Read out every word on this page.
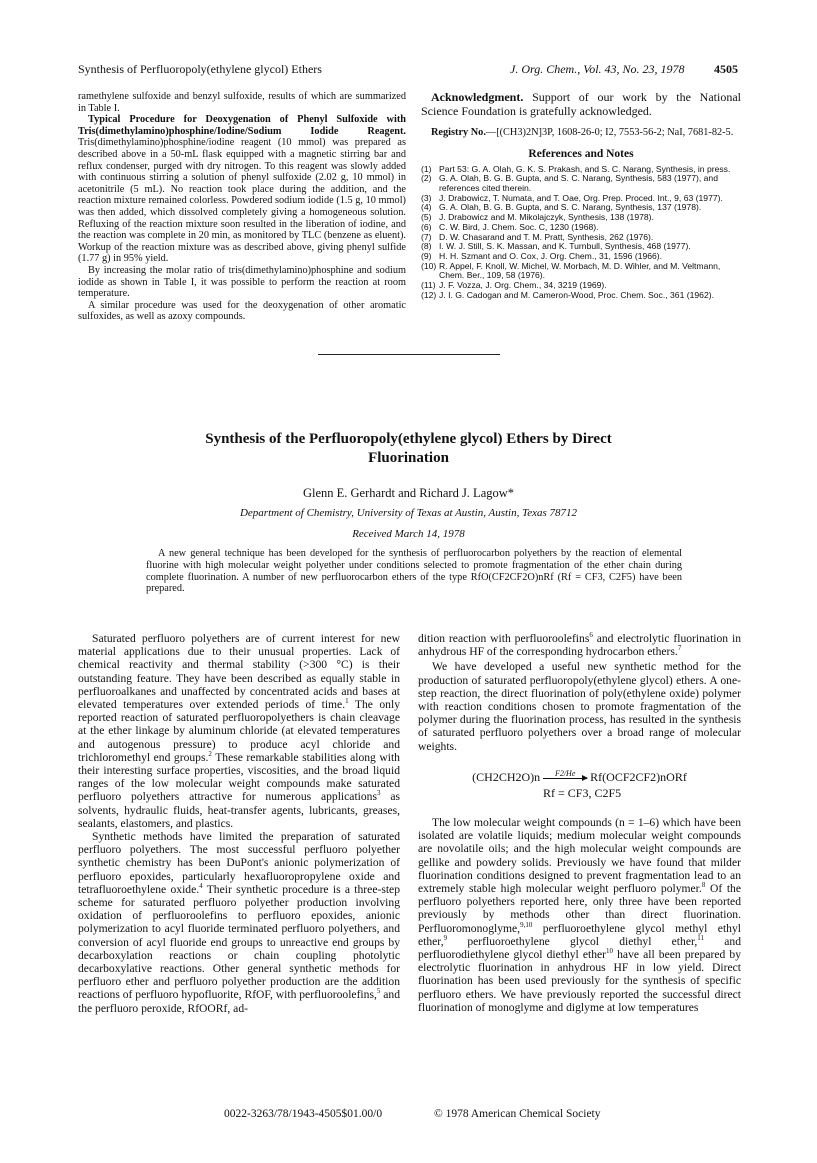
Synthesis of Perfluoropoly(ethylene glycol) Ethers	J. Org. Chem., Vol. 43, No. 23, 1978 4505

ramethylene sulfoxide and benzyl sulfoxide, results of which are summarized in Table I.

Typical Procedure for Deoxygenation of Phenyl Sulfoxide with Tris(dimethylamino)phosphine/Iodine/Sodium Iodide Reagent. Tris(dimethylamino)phosphine/iodine reagent (10 mmol) was prepared as described above in a 50-mL flask equipped with a magnetic stirring bar and reflux condenser, purged with dry nitrogen. To this reagent was slowly added with continuous stirring a solution of phenyl sulfoxide (2.02 g, 10 mmol) in acetonitrile (5 mL). No reaction took place during the addition, and the reaction mixture remained colorless. Powdered sodium iodide (1.5 g, 10 mmol) was then added, which dissolved completely giving a homogeneous solution. Refluxing of the reaction mixture soon resulted in the liberation of iodine, and the reaction was complete in 20 min, as monitored by TLC (benzene as eluent). Workup of the reaction mixture was as described above, giving phenyl sulfide (1.77 g) in 95% yield.

By increasing the molar ratio of tris(dimethylamino)phosphine and sodium iodide as shown in Table I, it was possible to perform the reaction at room temperature.

A similar procedure was used for the deoxygenation of other aromatic sulfoxides, as well as azoxy compounds.

Acknowledgment. Support of our work by the National Science Foundation is gratefully acknowledged.
Registry No.—[(CH3)2N]3P, 1608-26-0; I2, 7553-56-2; NaI, 7681-82-5.
References and Notes
(1) Part 53: G. A. Olah, G. K. S. Prakash, and S. C. Narang, Synthesis, in press.
(2) G. A. Olah, B. G. B. Gupta, and S. C. Narang, Synthesis, 583 (1977), and references cited therein.
(3) J. Drabowicz, T. Numata, and T. Oae, Org. Prep. Proced. Int., 9, 63 (1977).
(4) G. A. Olah, B. G. B. Gupta, and S. C. Narang, Synthesis, 137 (1978).
(5) J. Drabowicz and M. Mikolajczyk, Synthesis, 138 (1978).
(6) C. W. Bird, J. Chem. Soc. C, 1230 (1968).
(7) D. W. Chasarand and T. M. Pratt, Synthesis, 262 (1976).
(8) I. W. J. Still, S. K. Massan, and K. Turnbull, Synthesis, 468 (1977).
(9) H. H. Szmant and O. Cox, J. Org. Chem., 31, 1596 (1966).
(10) R. Appel, F. Knoll, W. Michel, W. Morbach, M. D. Wihler, and M. Veltmann, Chem. Ber., 109, 58 (1976).
(11) J. F. Vozza, J. Org. Chem., 34, 3219 (1969).
(12) J. I. G. Cadogan and M. Cameron-Wood, Proc. Chem. Soc., 361 (1962).
Synthesis of the Perfluoropoly(ethylene glycol) Ethers by Direct
Fluorination
Glenn E. Gerhardt and Richard J. Lagow*
Department of Chemistry, University of Texas at Austin, Austin, Texas 78712
Received March 14, 1978
A new general technique has been developed for the synthesis of perfluorocarbon polyethers by the reaction of elemental fluorine with high molecular weight polyether under conditions selected to promote fragmentation of the ether chain during complete fluorination. A number of new perfluorocarbon ethers of the type RfO(CF2CF2O)nRf (Rf = CF3, C2F5) have been prepared.

Saturated perfluoro polyethers are of current interest for new material applications due to their unusual properties. Lack of chemical reactivity and thermal stability (>300 °C) is their outstanding feature. They have been described as equally stable in perfluoroalkanes and unaffected by concentrated acids and bases at elevated temperatures over extended periods of time.$^1$ The only reported reaction of saturated perfluoropolyethers is chain cleavage at the ether linkage by aluminum chloride (at elevated temperatures and autogenous pressure) to produce acyl chloride and trichloromethyl end groups.$^2$ These remarkable stabilities along with their interesting surface properties, viscosities, and the broad liquid ranges of the low molecular weight compounds make saturated perfluoro polyethers attractive for numerous applications$^3$ as solvents, hydraulic fluids, heat-transfer agents, lubricants, greases, sealants, elastomers, and plastics.

Synthetic methods have limited the preparation of saturated perfluoro polyethers. The most successful perfluoro polyether synthetic chemistry has been DuPont's anionic polymerization of perfluoro epoxides, particularly hexafluoropropylene oxide and tetrafluoroethylene oxide.$^4$ Their synthetic procedure is a three-step scheme for saturated perfluoro polyether production involving oxidation of perfluoroolefins to perfluoro epoxides, anionic polymerization to acyl fluoride terminated perfluoro polyethers, and conversion of acyl fluoride end groups to unreactive end groups by decarboxylation reactions or chain coupling photolytic decarboxylative reactions. Other general synthetic methods for perfluoro ether and perfluoro polyether production are the addition reactions of perfluoro hypofluorite, RfOF, with perfluoroolefins,$^5$ and the perfluoro peroxide, RfOORf, ad-

dition reaction with perfluoroolefins$^6$ and electrolytic fluorination in anhydrous HF of the corresponding hydrocarbon ethers.$^7$

We have developed a useful new synthetic method for the production of saturated perfluoropoly(ethylene glycol) ethers. A one-step reaction, the direct fluorination of poly(ethylene oxide) polymer with reaction conditions chosen to promote fragmentation of the polymer during the fluorination process, has resulted in the synthesis of saturated perfluoro polyethers over a broad range of molecular weights.

(CH2CH2O)n F2/He Rf(OCF2CF2)nORf
Rf = CF3, C2F5

The low molecular weight compounds (n = 1–6) which have been isolated are volatile liquids; medium molecular weight compounds are novolatile oils; and the high molecular weight compounds are gellike and powdery solids. Previously we have found that milder fluorination conditions designed to prevent fragmentation lead to an extremely stable high molecular weight perfluoro polymer.$^8$ Of the perfluoro polyethers reported here, only three have been reported previously by methods other than direct fluorination. Perfluoromonoglyme,$^{9,10}$ perfluoroethylene glycol methyl ethyl ether,$^9$ perfluoroethylene glycol diethyl ether,$^{11}$ and perfluorodiethylene glycol diethyl ether$^{10}$ have all been prepared by electrolytic fluorination in anhydrous HF in low yield. Direct fluorination has been used previously for the synthesis of specific perfluoro ethers. We have previously reported the successful direct fluorination of monoglyme and diglyme at low temperatures

0022-3263/78/1943-4505$01.00/0	© 1978 American Chemical Society
